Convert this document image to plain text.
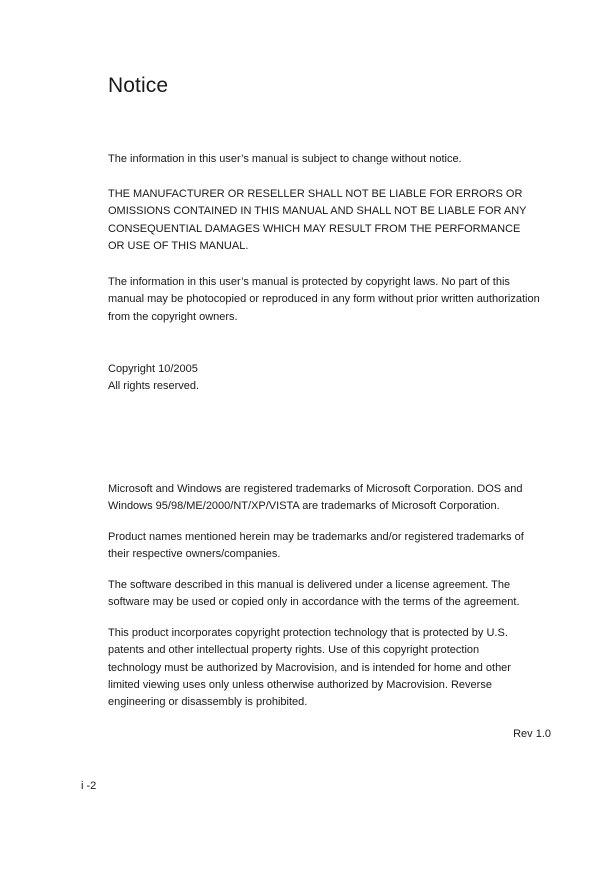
Notice

The information in this user’s manual is subject to change without notice.

THE MANUFACTURER OR RESELLER SHALL NOT BE LIABLE FOR ERRORS OR
OMISSIONS CONTAINED IN THIS MANUAL AND SHALL NOT BE LIABLE FOR ANY
CONSEQUENTIAL DAMAGES WHICH MAY RESULT FROM THE PERFORMANCE
OR USE OF THIS MANUAL.

The information in this user’s manual is protected by copyright laws. No part of this
manual may be photocopied or reproduced in any form without prior written authorization
from the copyright owners.

Copyright 10/2005
All rights reserved.

Microsoft and Windows are registered trademarks of Microsoft Corporation. DOS and
Windows 95/98/ME/2000/NT/XP/VISTA are trademarks of Microsoft Corporation.

Product names mentioned herein may be trademarks and/or registered trademarks of
their respective owners/companies.

The software described in this manual is delivered under a license agreement. The
software may be used or copied only in accordance with the terms of the agreement.

This product incorporates copyright protection technology that is protected by U.S.
patents and other intellectual property rights. Use of this copyright protection
technology must be authorized by Macrovision, and is intended for home and other
limited viewing uses only unless otherwise authorized by Macrovision. Reverse
engineering or disassembly is prohibited.

Rev 1.0

i -2
